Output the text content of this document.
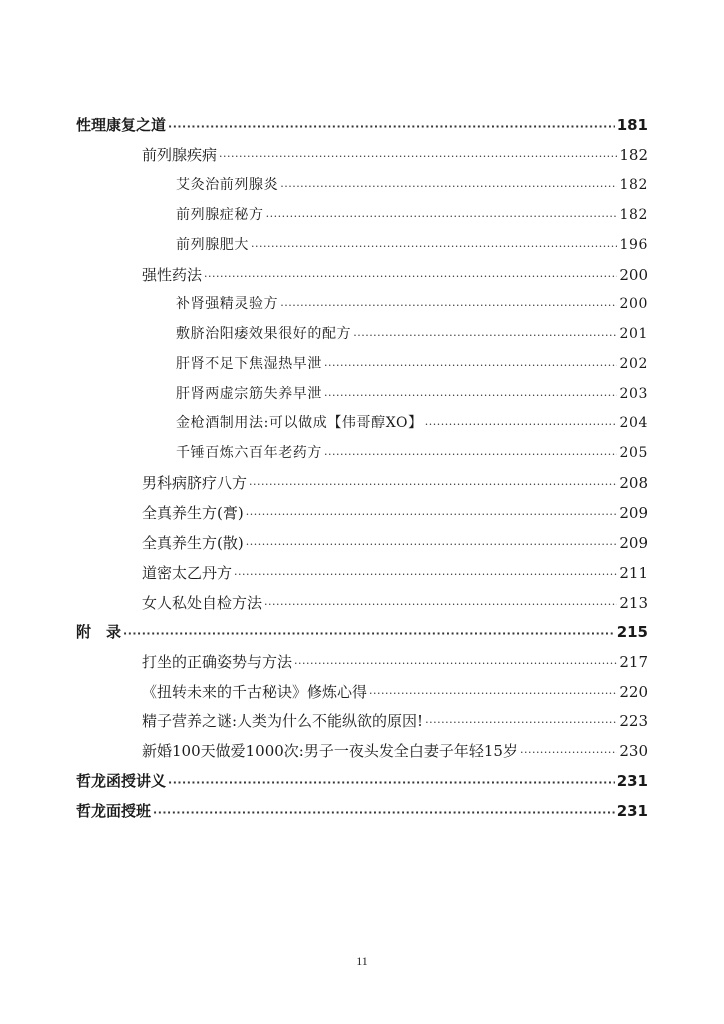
性理康复之道 ·····	181
前列腺疾病 ·····	182
艾灸治前列腺炎 ·····	182
前列腺症秘方 ·····	182
前列腺肥大 ·····	196
强性药法 ·····	200
补肾强精灵验方 ·····	200
敷脐治阳痿效果很好的配方 ·····	201
肝肾不足下焦湿热早泄 ·····	202
肝肾两虚宗筋失养早泄 ·····	203
金枪酒制用法:可以做成【伟哥醇XO】 ·····	204
千锤百炼六百年老药方 ·····	205
男科病脐疗八方 ·····	208
全真养生方(膏) ·····	209
全真养生方(散) ·····	209
道密太乙丹方 ·····	211
女人私处自检方法 ·····	213
附　录 ·····	215
打坐的正确姿势与方法 ·····	217
《扭转未来的千古秘诀》修炼心得 ·····	220
精子营养之谜:人类为什么不能纵欲的原因! ·····	223
新婚100天做爱1000次:男子一夜头发全白妻子年轻15岁 ·····	230
哲龙函授讲义 ·····	231
哲龙面授班 ·····	231
11
